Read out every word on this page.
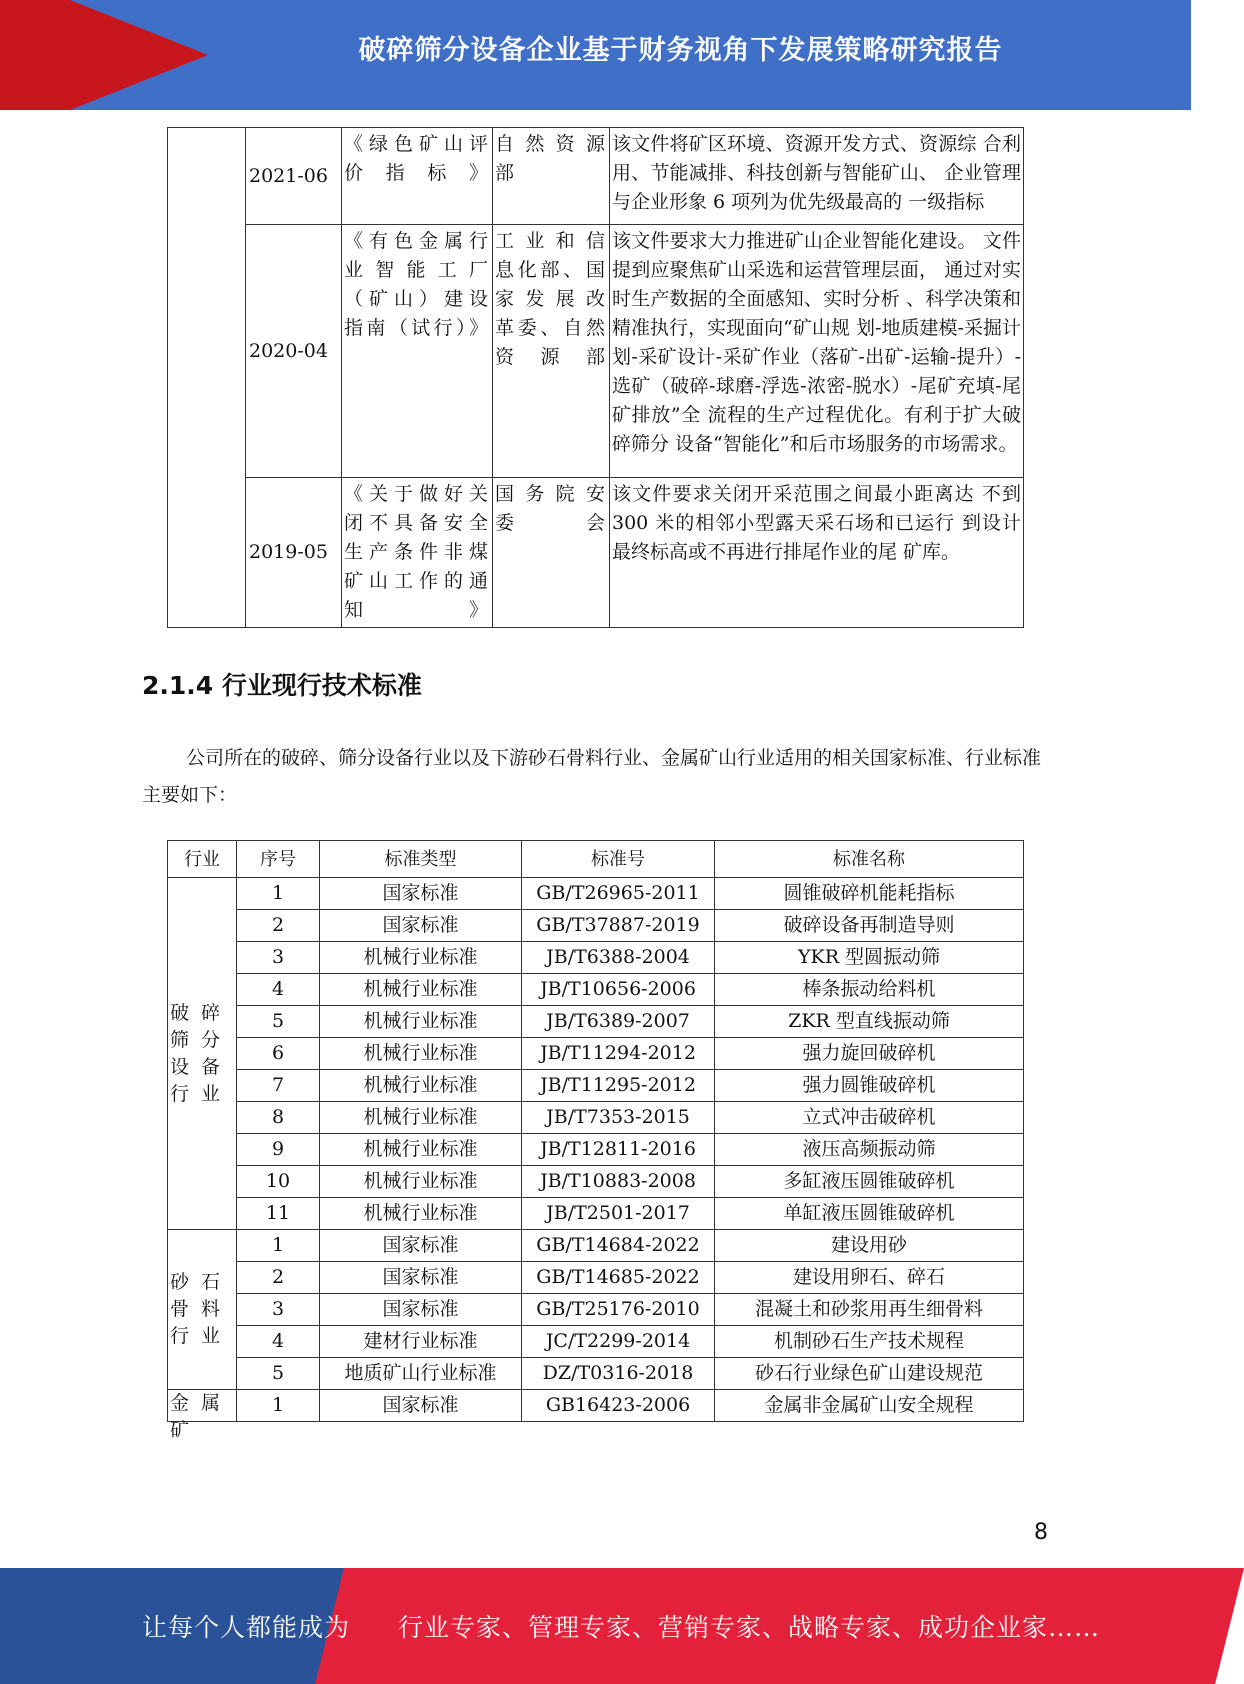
破碎筛分设备企业基于财务视角下发展策略研究报告
	2021-06	《绿色矿山评价指标》	自然资源 部	该文件将矿区环境、资源开发方式、资源综 合利用、节能减排、科技创新与智能矿山、 企业管理与企业形象 6 项列为优先级最高的 一级指标

	2020-04	《有色金属行业智能工厂（矿山）建设指南（试行）》	工业和信 息化部、国 家发展改 革委、自然 资源部	该文件要求大力推进矿山企业智能化建设。 文件提到应聚焦矿山采选和运营管理层面， 通过对实时生产数据的全面感知、实时分析 、科学决策和精准执行，实现面向“矿山规 划-地质建模-采掘计划-采矿设计-采矿作业（落矿-出矿-运输-提升）-选矿（破碎-球磨-浮选-浓密-脱水）-尾矿充填-尾矿排放”全 流程的生产过程优化。有利于扩大破碎筛分 设备“智能化”和后市场服务的市场需求。
	2019-05	《关于做好关闭不具备安全生产条件非煤矿山工作的通知》	国务院安 委会	该文件要求关闭开采范围之间最小距离达 不到 300 米的相邻小型露天采石场和已运行 到设计最终标高或不再进行排尾作业的尾 矿库。
2.1.4 行业现行技术标准
公司所在的破碎、筛分设备行业以及下游砂石骨料行业、金属矿山行业适用的相关国家标准、行业标准主要如下：
行业	序号	标准类型	标准号	标准名称
破碎筛分设备行业	1	国家标准	GB/T26965-2011	圆锥破碎机能耗指标
	2	国家标准	GB/T37887-2019	破碎设备再制造导则
	3	机械行业标准	JB/T6388-2004	YKR 型圆振动筛
	4	机械行业标准	JB/T10656-2006	棒条振动给料机
	5	机械行业标准	JB/T6389-2007	ZKR 型直线振动筛
	6	机械行业标准	JB/T11294-2012	强力旋回破碎机
	7	机械行业标准	JB/T11295-2012	强力圆锥破碎机
	8	机械行业标准	JB/T7353-2015	立式冲击破碎机
	9	机械行业标准	JB/T12811-2016	液压高频振动筛
	10	机械行业标准	JB/T10883-2008	多缸液压圆锥破碎机
	11	机械行业标准	JB/T2501-2017	单缸液压圆锥破碎机
砂石骨料行业	1	国家标准	GB/T14684-2022	建设用砂
	2	国家标准	GB/T14685-2022	建设用卵石、碎石
	3	国家标准	GB/T25176-2010	混凝土和砂浆用再生细骨料
	4	建材行业标准	JC/T2299-2014	机制砂石生产技术规程
	5	地质矿山行业标准	DZ/T0316-2018	砂石行业绿色矿山建设规范

金属矿	1	国家标准	GB16423-2006	金属非金属矿山安全规程
8
让每个人都能成为 行业专家、管理专家、营销专家、战略专家、成功企业家……
